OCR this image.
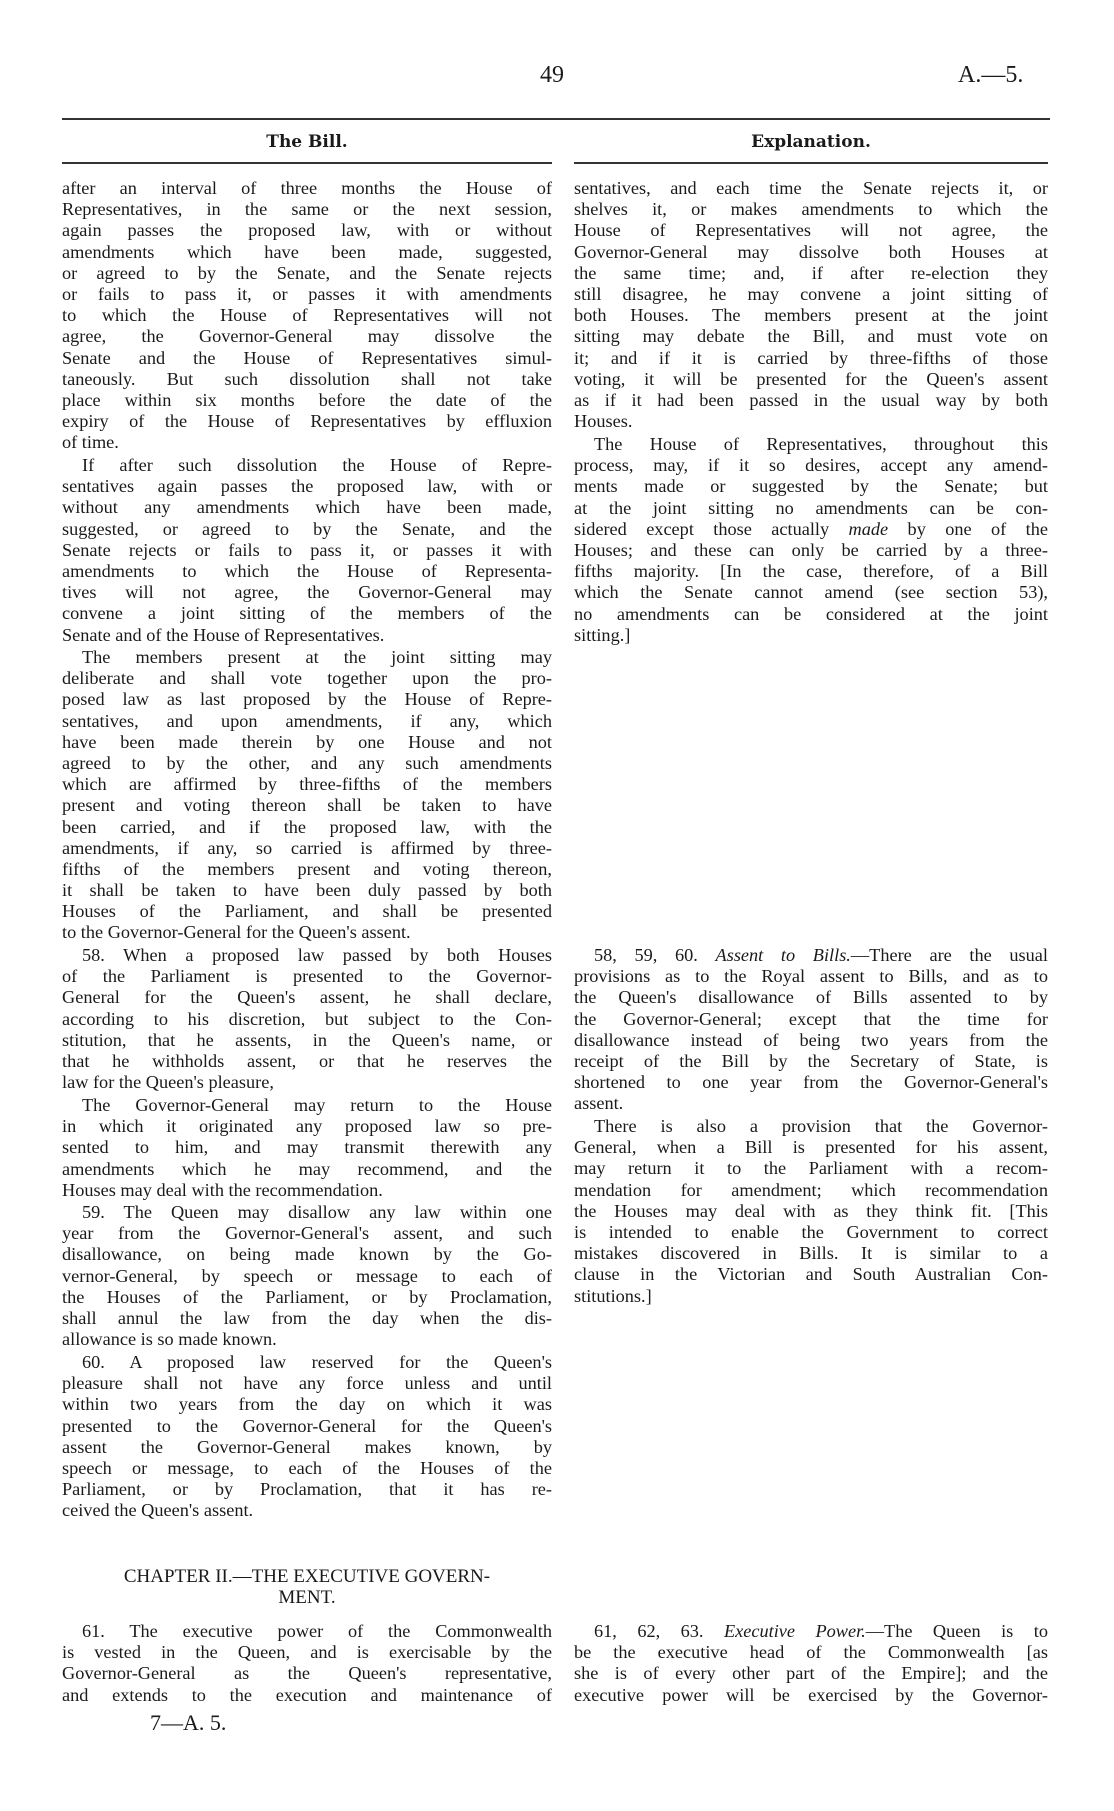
49	A.—5.
The Bill.	Explanation.
after an interval of three months the House of
Representatives, in the same or the next session,
again passes the proposed law, with or without
amendments which have been made, suggested,
or agreed to by the Senate, and the Senate rejects
or fails to pass it, or passes it with amendments
to which the House of Representatives will not
agree, the Governor-General may dissolve the
Senate and the House of Representatives simul-
taneously. But such dissolution shall not take
place within six months before the date of the
expiry of the House of Representatives by effluxion
of time.
If after such dissolution the House of Repre-
sentatives again passes the proposed law, with or
without any amendments which have been made,
suggested, or agreed to by the Senate, and the
Senate rejects or fails to pass it, or passes it with
amendments to which the House of Representa-
tives will not agree, the Governor-General may
convene a joint sitting of the members of the
Senate and of the House of Representatives.
The members present at the joint sitting may
deliberate and shall vote together upon the pro-
posed law as last proposed by the House of Repre-
sentatives, and upon amendments, if any, which
have been made therein by one House and not
agreed to by the other, and any such amendments
which are affirmed by three-fifths of the members
present and voting thereon shall be taken to have
been carried, and if the proposed law, with the
amendments, if any, so carried is affirmed by three-
fifths of the members present and voting thereon,
it shall be taken to have been duly passed by both
Houses of the Parliament, and shall be presented
to the Governor-General for the Queen's assent.
58. When a proposed law passed by both Houses
of the Parliament is presented to the Governor-
General for the Queen's assent, he shall declare,
according to his discretion, but subject to the Con-
stitution, that he assents, in the Queen's name, or
that he withholds assent, or that he reserves the
law for the Queen's pleasure,
The Governor-General may return to the House
in which it originated any proposed law so pre-
sented to him, and may transmit therewith any
amendments which he may recommend, and the
Houses may deal with the recommendation.
59. The Queen may disallow any law within one
year from the Governor-General's assent, and such
disallowance, on being made known by the Go-
vernor-General, by speech or message to each of
the Houses of the Parliament, or by Proclamation,
shall annul the law from the day when the dis-
allowance is so made known.
60. A proposed law reserved for the Queen's
pleasure shall not have any force unless and until
within two years from the day on which it was
presented to the Governor-General for the Queen's
assent the Governor-General makes known, by
speech or message, to each of the Houses of the
Parliament, or by Proclamation, that it has re-
ceived the Queen's assent.
61. The executive power of the Commonwealth
is vested in the Queen, and is exercisable by the
Governor-General as the Queen's representative,
and extends to the execution and maintenance of
sentatives, and each time the Senate rejects it, or
shelves it, or makes amendments to which the
House of Representatives will not agree, the
Governor-General may dissolve both Houses at
the same time; and, if after re-election they
still disagree, he may convene a joint sitting of
both Houses. The members present at the joint
sitting may debate the Bill, and must vote on
it; and if it is carried by three-fifths of those
voting, it will be presented for the Queen's assent
as if it had been passed in the usual way by both
Houses.
The House of Representatives, throughout this
process, may, if it so desires, accept any amend-
ments made or suggested by the Senate; but
at the joint sitting no amendments can be con-
sidered except those actually made by one of the
Houses; and these can only be carried by a three-
fifths majority. [In the case, therefore, of a Bill
which the Senate cannot amend (see section 53),
no amendments can be considered at the joint
sitting.]
58, 59, 60. Assent to Bills.—There are the usual
provisions as to the Royal assent to Bills, and as to
the Queen's disallowance of Bills assented to by
the Governor-General; except that the time for
disallowance instead of being two years from the
receipt of the Bill by the Secretary of State, is
shortened to one year from the Governor-General's
assent.
There is also a provision that the Governor-
General, when a Bill is presented for his assent,
may return it to the Parliament with a recom-
mendation for amendment; which recommendation
the Houses may deal with as they think fit. [This
is intended to enable the Government to correct
mistakes discovered in Bills. It is similar to a
clause in the Victorian and South Australian Con-
stitutions.]
61, 62, 63. Executive Power.—The Queen is to
be the executive head of the Commonwealth [as
she is of every other part of the Empire]; and the
executive power will be exercised by the Governor-
CHAPTER II.—THE EXECUTIVE GOVERN-
MENT.
7—A. 5.
